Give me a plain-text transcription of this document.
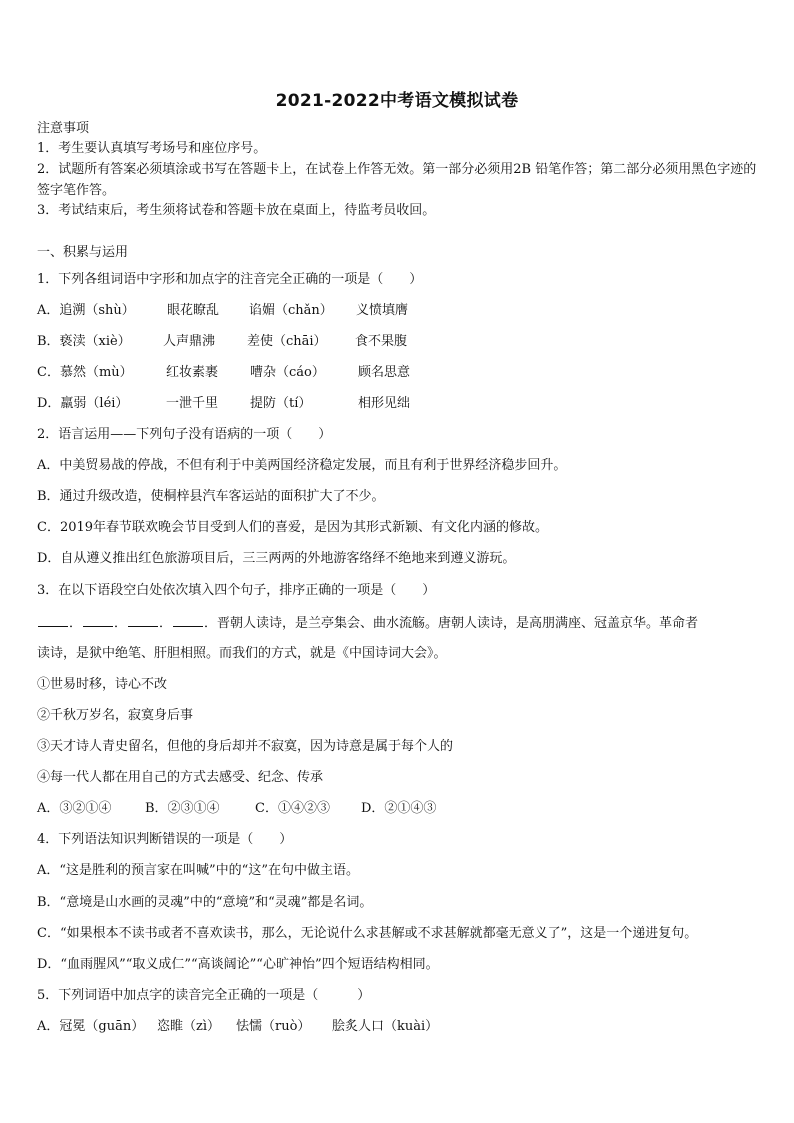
2021-2022中考语文模拟试卷
注意事项
1．考生要认真填写考场号和座位序号。
2．试题所有答案必须填涂或书写在答题卡上，在试卷上作答无效。第一部分必须用2B 铅笔作答；第二部分必须用黑色字迹的签字笔作答。
3．考试结束后，考生须将试卷和答题卡放在桌面上，待监考员收回。
一、积累与运用
1．下列各组词语中字形和加点字的注音完全正确的一项是（　　）
A．追溯（shù） 眼花瞭乱 谄媚（chǎn） 义愤填膺
B．亵渎（xiè） 人声鼎沸 差使（chāi） 食不果腹
C．慕然（mù）	红妆素裹 嘈杂（cáo）	顾名思意
D．羸弱（léi）	一泄千里 提防（tí）	相形见绌
2．语言运用——下列句子没有语病的一项（　　）
A．中美贸易战的停战，不但有利于中美两国经济稳定发展，而且有利于世界经济稳步回升。
B．通过升级改造，使桐梓县汽车客运站的面积扩大了不少。
C．2019年春节联欢晚会节目受到人们的喜爱，是因为其形式新颖、有文化内涵的修故。
D．自从遵义推出红色旅游项目后，三三两两的外地游客络绎不绝地来到遵义游玩。
3．在以下语段空白处依次填入四个句子，排序正确的一项是（　　）
． ． ． ．晋朝人读诗，是兰亭集会、曲水流觞。唐朝人读诗，是高朋满座、冠盖京华。革命者
读诗，是狱中绝笔、肝胆相照。而我们的方式，就是《中国诗词大会》。
①世易时移，诗心不改
②千秋万岁名，寂寞身后事
③天才诗人青史留名，但他的身后却并不寂寞，因为诗意是属于每个人的
④每一代人都在用自己的方式去感受、纪念、传承
A．③②①④	B．②③①④	C．①④②③ D．②①④③
4．下列语法知识判断错误的一项是（　　）
A．“这是胜利的预言家在叫喊”中的“这”在句中做主语。
B．“意境是山水画的灵魂”中的“意境”和“灵魂”都是名词。
C．“如果根本不读书或者不喜欢读书，那么，无论说什么求甚解或不求甚解就都毫无意义了”，这是一个递进复句。
D．“血雨腥风”“取义成仁”“高谈阔论”“心旷神怡”四个短语结构相同。
5．下列词语中加点字的读音完全正确的一项是（　　　）
A．冠冕（guān） 恣睢（zì） 怯懦（ruò） 脍炙人口（kuài）
